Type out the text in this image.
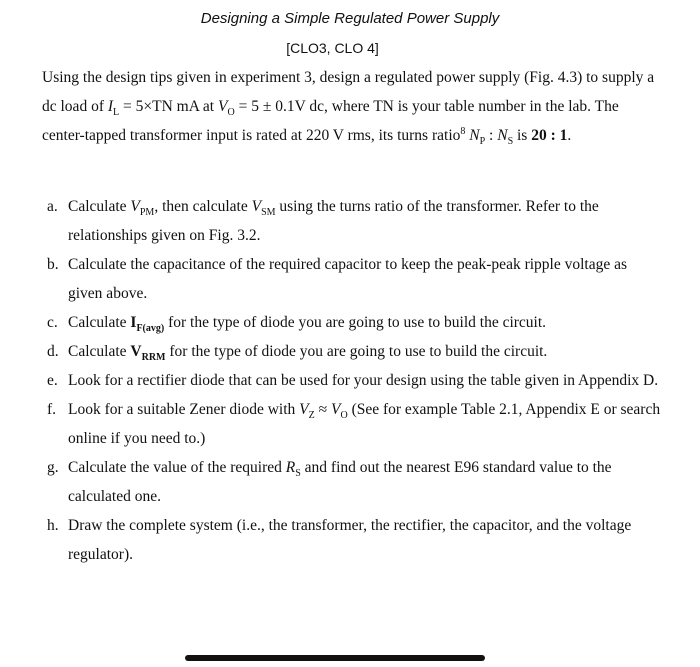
Designing a Simple Regulated Power Supply
[CLO3, CLO 4]

Using the design tips given in experiment 3, design a regulated power supply (Fig. 4.3) to supply a dc load of $I_L = 5\times TN$ mA at $V_O = 5 \pm 0.1V$ dc, where TN is your table number in the lab. The center-tapped transformer input is rated at 220 V rms, its turns ratio$^8$ $N_P$ : $N_S$ is 20 : 1.

a. Calculate $V_{PM}$, then calculate $V_{SM}$ using the turns ratio of the transformer. Refer to the relationships given on Fig. 3.2.
b. Calculate the capacitance of the required capacitor to keep the peak-peak ripple voltage as given above.
c. Calculate $I_{F(avg)}$ for the type of diode you are going to use to build the circuit.
d. Calculate $V_{RRM}$ for the type of diode you are going to use to build the circuit.
e. Look for a rectifier diode that can be used for your design using the table given in Appendix D.
f. Look for a suitable Zener diode with $V_Z \approx V_O$ (See for example Table 2.1, Appendix E or search online if you need to.)
g. Calculate the value of the required $R_S$ and find out the nearest E96 standard value to the calculated one.
h. Draw the complete system (i.e., the transformer, the rectifier, the capacitor, and the voltage regulator).
